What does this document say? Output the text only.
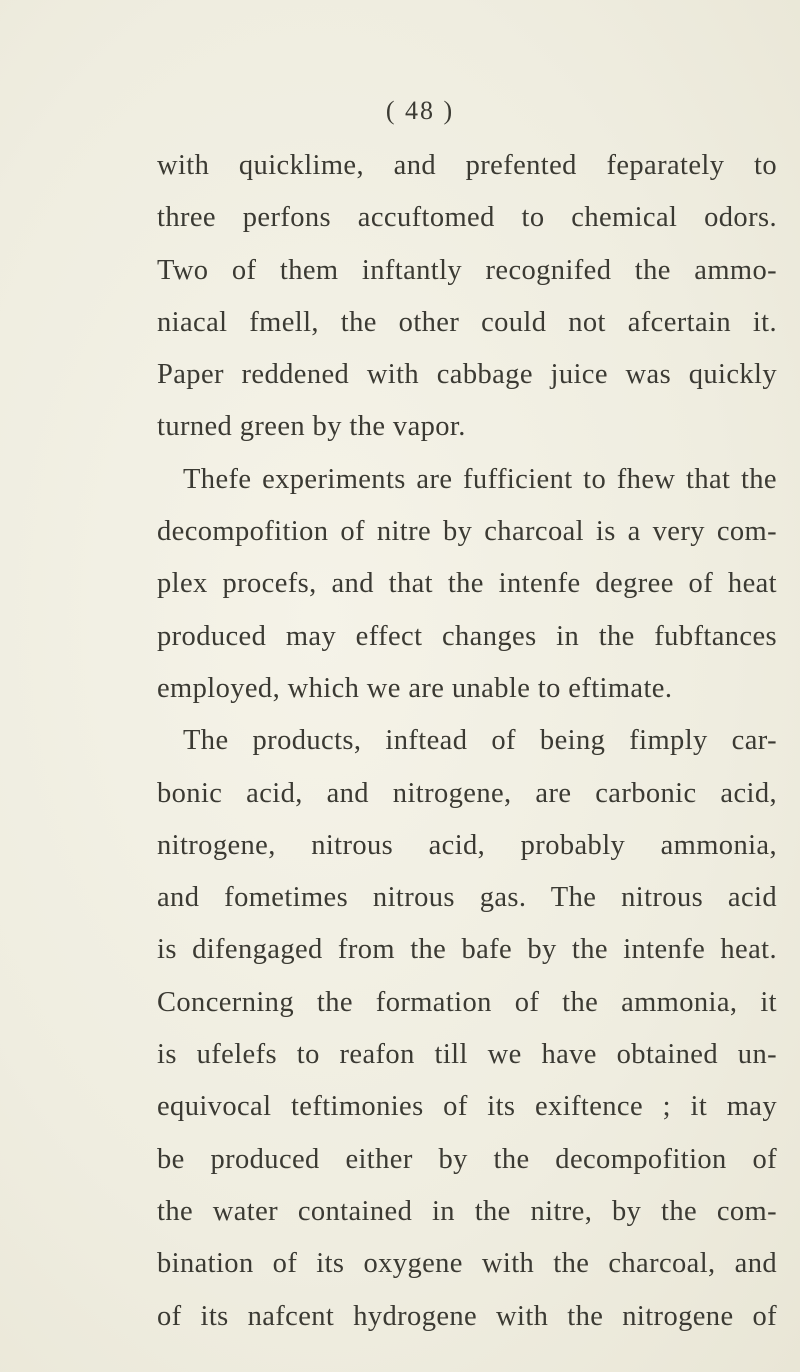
( 48 )
with quicklime, and prefented feparately to
three perfons accuftomed to chemical odors.
Two of them inftantly recognifed the ammo-
niacal fmell, the other could not afcertain it.
Paper reddened with cabbage juice was quickly
turned green by the vapor.
Thefe experiments are fufficient to fhew that the
decompofition of nitre by charcoal is a very com-
plex procefs, and that the intenfe degree of heat
produced may effect changes in the fubftances
employed, which we are unable to eftimate.
The products, inftead of being fimply car-
bonic acid, and nitrogene, are carbonic acid,
nitrogene, nitrous acid, probably ammonia,
and fometimes nitrous gas. The nitrous acid
is difengaged from the bafe by the intenfe heat.
Concerning the formation of the ammonia, it
is ufelefs to reafon till we have obtained un-
equivocal teftimonies of its exiftence ; it may
be produced either by the decompofition of
the water contained in the nitre, by the com-
bination of its oxygene with the charcoal, and
of its nafcent hydrogene with the nitrogene of
